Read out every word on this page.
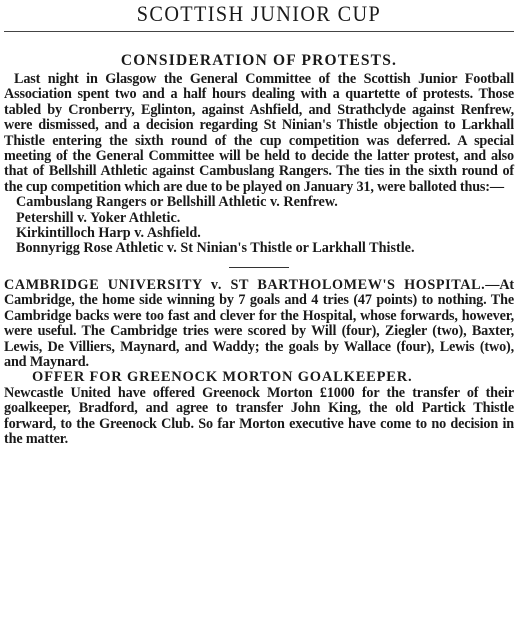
SCOTTISH JUNIOR CUP
CONSIDERATION OF PROTESTS.

Last night in Glasgow the General Committee of the Scottish Junior Football Association spent two and a half hours dealing with a quartette of protests. Those tabled by Cronberry, Eglinton, against Ashfield, and Strathclyde against Renfrew, were dismissed, and a decision regarding St Ninian's Thistle objection to Larkhall Thistle entering the sixth round of the cup competition was deferred. A special meeting of the General Committee will be held to decide the latter protest, and also that of Bellshill Athletic against Cambuslang Rangers. The ties in the sixth round of the cup competition which are due to be played on January 31, were balloted thus:—

Cambuslang Rangers or Bellshill Athletic v. Renfrew.
Petershill v. Yoker Athletic.
Kirkintilloch Harp v. Ashfield.
Bonnyrigg Rose Athletic v. St Ninian's Thistle or Larkhall Thistle.

CAMBRIDGE UNIVERSITY v. ST BARTHOLOMEW'S HOSPITAL.—At Cambridge, the home side winning by 7 goals and 4 tries (47 points) to nothing. The Cambridge backs were too fast and clever for the Hospital, whose forwards, however, were useful. The Cambridge tries were scored by Will (four), Ziegler (two), Baxter, Lewis, De Villiers, Maynard, and Waddy; the goals by Wallace (four), Lewis (two), and Maynard.

OFFER FOR GREENOCK MORTON GOALKEEPER.

Newcastle United have offered Greenock Morton £1000 for the transfer of their goalkeeper, Bradford, and agree to transfer John King, the old Partick Thistle forward, to the Greenock Club. So far Morton executive have come to no decision in the matter.
